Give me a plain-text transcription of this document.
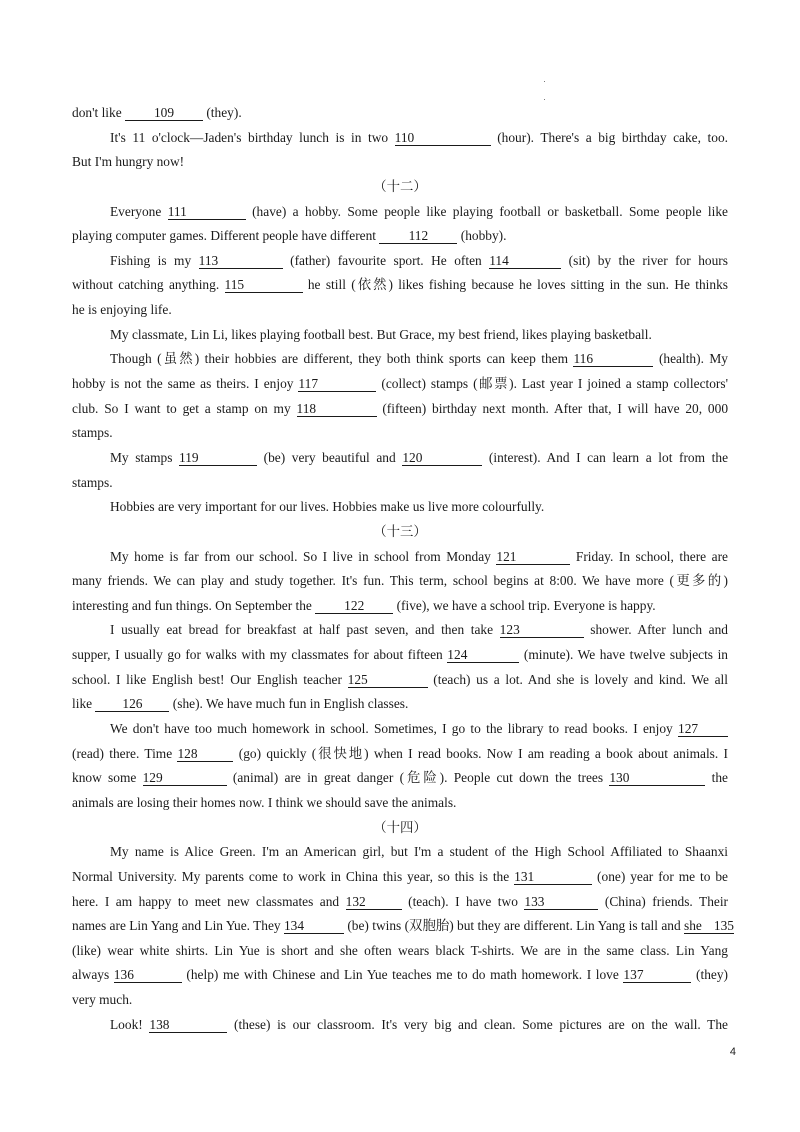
don't like 109 (they).
It's 11 o'clock—Jaden's birthday lunch is in two 110	(hour). There's a big birthday cake, too.
But I'm hungry now!
（十二）
Everyone 111	(have) a hobby. Some people like playing football or basketball. Some people like
playing computer games. Different people have different 112 (hobby).
Fishing is my 113	(father) favourite sport. He often 114	(sit) by the river for hours
without catching anything. 115	he still (依然) likes fishing because he loves sitting in the sun. He thinks
he is enjoying life.
My classmate, Lin Li, likes playing football best. But Grace, my best friend, likes playing basketball.
Though (虽然) their hobbies are different, they both think sports can keep them 116	(health). My
hobby is not the same as theirs. I enjoy 117	(collect) stamps (邮票). Last year I joined a stamp collectors'
club. So I want to get a stamp on my 118	(fifteen) birthday next month. After that, I will have 20, 000
stamps.
My stamps 119	(be) very beautiful and 120	(interest). And I can learn a lot from the
stamps.
Hobbies are very important for our lives. Hobbies make us live more colourfully.
（十三）
My home is far from our school. So I live in school from Monday 121	Friday. In school, there are
many friends. We can play and study together. It's fun. This term, school begins at 8:00. We have more (更多的)
interesting and fun things. On September the 122 (five), we have a school trip. Everyone is happy.
I usually eat bread for breakfast at half past seven, and then take 123	shower. After lunch and
supper, I usually go for walks with my classmates for about fifteen 124	(minute). We have twelve subjects in
school. I like English best! Our English teacher 125	(teach) us a lot. And she is lovely and kind. We all
like 126 (she). We have much fun in English classes.
We don't have too much homework in school. Sometimes, I go to the library to read books. I enjoy 127
(read) there. Time 128	(go) quickly (很快地) when I read books. Now I am reading a book about animals. I
know some 129	(animal) are in great danger (危险). People cut down the trees 130	the
animals are losing their homes now. I think we should save the animals.
（十四）
My name is Alice Green. I'm an American girl, but I'm a student of the High School Affiliated to Shaanxi
Normal University. My parents come to work in China this year, so this is the 131	(one) year for me to be
here. I am happy to meet new classmates and 132	(teach). I have two 133	(China) friends. Their
names are Lin Yang and Lin Yue. They 134	(be) twins (双胞胎) but they are different. Lin Yang is tall and she 135
(like) wear white shirts. Lin Yue is short and she often wears black T-shirts. We are in the same class. Lin Yang
always 136	(help) me with Chinese and Lin Yue teaches me to do math homework. I love 137	(they)
very much.
Look! 138	(these) is our classroom. It's very big and clean. Some pictures are on the wall. The
4
